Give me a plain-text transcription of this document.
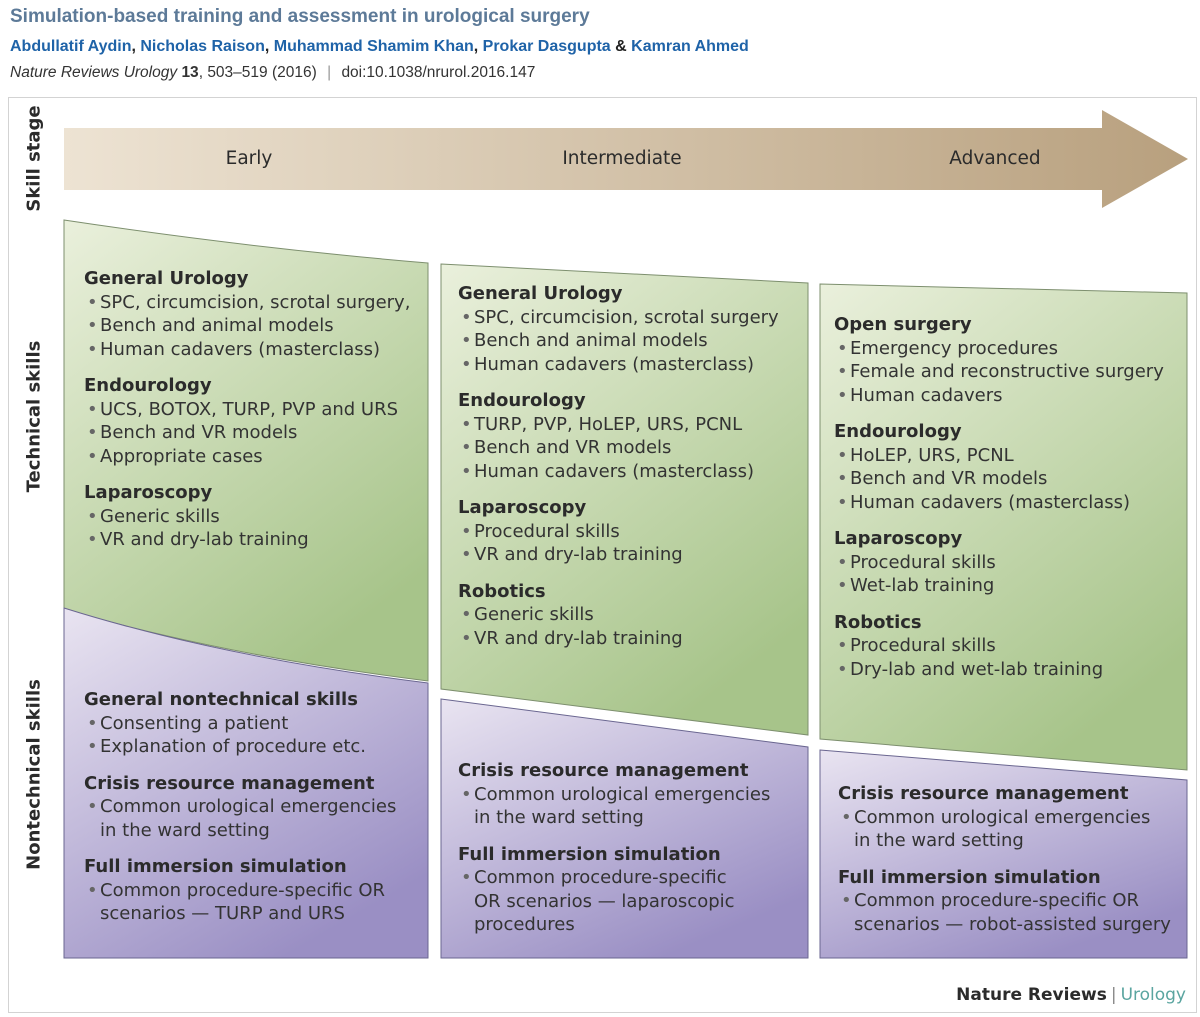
Simulation-based training and assessment in urological surgery
Abdullatif Aydin, Nicholas Raison, Muhammad Shamim Khan, Prokar Dasgupta & Kamran Ahmed
Nature Reviews Urology 13, 503–519 (2016) | doi:10.1038/nrurol.2016.147
Early	Intermediate	Advanced
Skill stage
Technical skills
Nontechnical skills
General Urology
• SPC, circumcision, scrotal surgery,
• Bench and animal models
• Human cadavers (masterclass)
Endourology
• UCS, BOTOX, TURP, PVP and URS
• Bench and VR models
• Appropriate cases
Laparoscopy
• Generic skills
• VR and dry-lab training
General Urology
• SPC, circumcision, scrotal surgery
• Bench and animal models
• Human cadavers (masterclass)
Endourology
• TURP, PVP, HoLEP, URS, PCNL
• Bench and VR models
• Human cadavers (masterclass)
Laparoscopy
• Procedural skills
• VR and dry-lab training
Robotics
• Generic skills
• VR and dry-lab training
Open surgery
• Emergency procedures
• Female and reconstructive surgery
• Human cadavers
Endourology
• HoLEP, URS, PCNL
• Bench and VR models
• Human cadavers (masterclass)
Laparoscopy
• Procedural skills
• Wet-lab training
Robotics
• Procedural skills
• Dry-lab and wet-lab training
General nontechnical skills
• Consenting a patient
• Explanation of procedure etc.
Crisis resource management
• Common urological emergencies
in the ward setting
Full immersion simulation
• Common procedure-specific OR
scenarios — TURP and URS
Crisis resource management
• Common urological emergencies
in the ward setting
Full immersion simulation
• Common procedure-specific
OR scenarios — laparoscopic
procedures
Crisis resource management
• Common urological emergencies
in the ward setting
Full immersion simulation
• Common procedure-specific OR
scenarios — robot-assisted surgery
Nature Reviews | Urology
